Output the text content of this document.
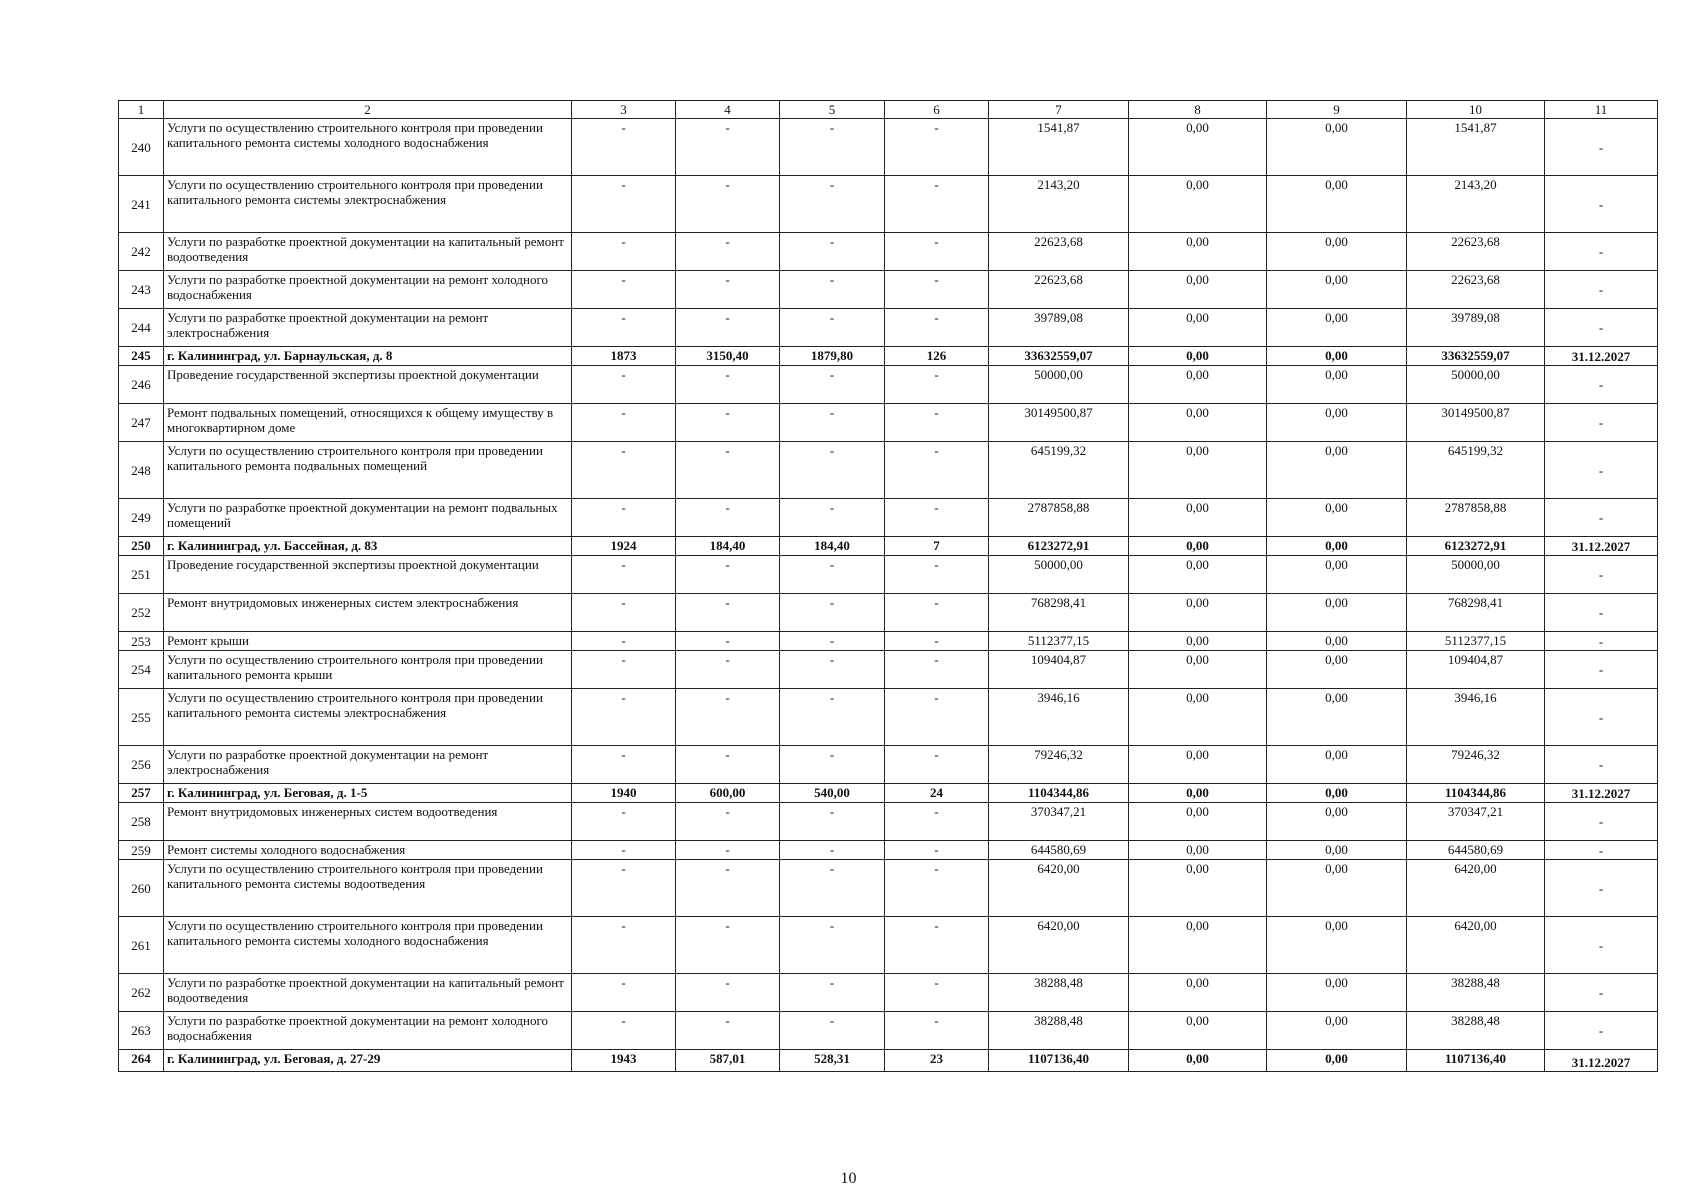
1	2	3	4	5	6	7	8	9	10	11
240	Услуги по осуществлению строительного контроля при проведении капитального ремонта системы холодного водоснабжения	-	-	-	-	1541,87	0,00	0,00	1541,87	-
241	Услуги по осуществлению строительного контроля при проведении капитального ремонта системы электроснабжения	-	-	-	-	2143,20	0,00	0,00	2143,20	-
242	Услуги по разработке проектной документации на капитальный ремонт водоотведения	-	-	-	-	22623,68	0,00	0,00	22623,68	-
243	Услуги по разработке проектной документации на ремонт холодного водоснабжения	-	-	-	-	22623,68	0,00	0,00	22623,68	-
244	Услуги по разработке проектной документации на ремонт электроснабжения	-	-	-	-	39789,08	0,00	0,00	39789,08	-
245	г. Калининград, ул. Барнаульская, д. 8	1873	3150,40	1879,80	126	33632559,07	0,00	0,00	33632559,07	31.12.2027
246	Проведение государственной экспертизы проектной документации	-	-	-	-	50000,00	0,00	0,00	50000,00	-
247	Ремонт подвальных помещений, относящихся к общему имуществу в многоквартирном доме	-	-	-	-	30149500,87	0,00	0,00	30149500,87	-
248	Услуги по осуществлению строительного контроля при проведении капитального ремонта подвальных помещений	-	-	-	-	645199,32	0,00	0,00	645199,32	-
249	Услуги по разработке проектной документации на ремонт подвальных помещений	-	-	-	-	2787858,88	0,00	0,00	2787858,88	-
250	г. Калининград, ул. Бассейная, д. 83	1924	184,40	184,40	7	6123272,91	0,00	0,00	6123272,91	31.12.2027
251	Проведение государственной экспертизы проектной документации	-	-	-	-	50000,00	0,00	0,00	50000,00	-
252	Ремонт внутридомовых инженерных систем электроснабжения	-	-	-	-	768298,41	0,00	0,00	768298,41	-
253	Ремонт крыши	-	-	-	-	5112377,15	0,00	0,00	5112377,15	-
254	Услуги по осуществлению строительного контроля при проведении капитального ремонта крыши	-	-	-	-	109404,87	0,00	0,00	109404,87	-
255	Услуги по осуществлению строительного контроля при проведении капитального ремонта системы электроснабжения	-	-	-	-	3946,16	0,00	0,00	3946,16	-
256	Услуги по разработке проектной документации на ремонт электроснабжения	-	-	-	-	79246,32	0,00	0,00	79246,32	-
257	г. Калининград, ул. Беговая, д. 1-5	1940	600,00	540,00	24	1104344,86	0,00	0,00	1104344,86	31.12.2027
258	Ремонт внутридомовых инженерных систем водоотведения	-	-	-	-	370347,21	0,00	0,00	370347,21	-
259	Ремонт системы холодного водоснабжения	-	-	-	-	644580,69	0,00	0,00	644580,69	-
260	Услуги по осуществлению строительного контроля при проведении капитального ремонта системы водоотведения	-	-	-	-	6420,00	0,00	0,00	6420,00	-
261	Услуги по осуществлению строительного контроля при проведении капитального ремонта системы холодного водоснабжения	-	-	-	-	6420,00	0,00	0,00	6420,00	-
262	Услуги по разработке проектной документации на капитальный ремонт водоотведения	-	-	-	-	38288,48	0,00	0,00	38288,48	-
263	Услуги по разработке проектной документации на ремонт холодного водоснабжения	-	-	-	-	38288,48	0,00	0,00	38288,48	-
264	г. Калининград, ул. Беговая, д. 27-29	1943	587,01	528,31	23	1107136,40	0,00	0,00	1107136,40	31.12.2027
10
